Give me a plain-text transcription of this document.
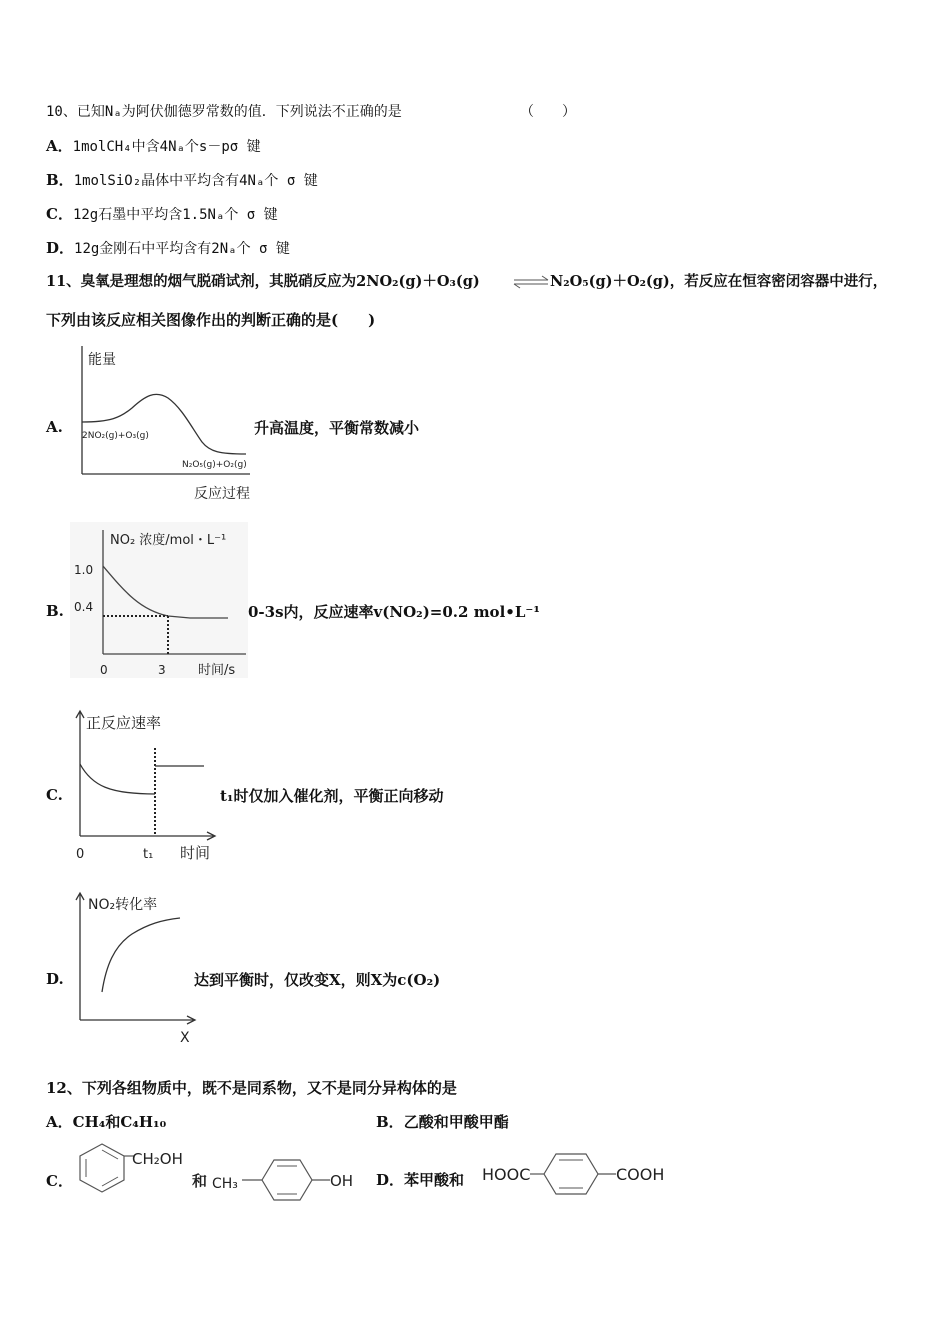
10、已知Nₐ为阿伏伽德罗常数的值．下列说法不正确的是	（　　）
A．1molCH₄中含4Nₐ个s－pσ 键
B．1molSiO₂晶体中平均含有4Nₐ个 σ 键
C．12g石墨中平均含1.5Nₐ个 σ 键
D．12g金刚石中平均含有2Nₐ个 σ 键
11、臭氧是理想的烟气脱硝试剂，其脱硝反应为2NO₂(g)＋O₃(g)	N₂O₅(g)＋O₂(g)，若反应在恒容密闭容器中进行，
下列由该反应相关图像作出的判断正确的是(　　)
A.
能量
2NO₂(g)+O₃(g)
N₂O₅(g)+O₂(g)
反应过程
升高温度，平衡常数减小
B.
NO₂ 浓度/mol・L⁻¹
1.0
0.4
0	3 时间/s
0-3s内，反应速率v(NO₂)=0.2 mol•L⁻¹
C.
正反应速率
0	t₁ 时间
t₁时仅加入催化剂，平衡正向移动
D.
NO₂转化率
X
达到平衡时，仅改变X，则X为c(O₂)
12、下列各组物质中，既不是同系物，又不是同分异构体的是
A．CH₄和C₄H₁₀	B．乙酸和甲酸甲酯
C．
CH₂OH
和 CH₃	OH D．苯甲酸和 HOOC	COOH
